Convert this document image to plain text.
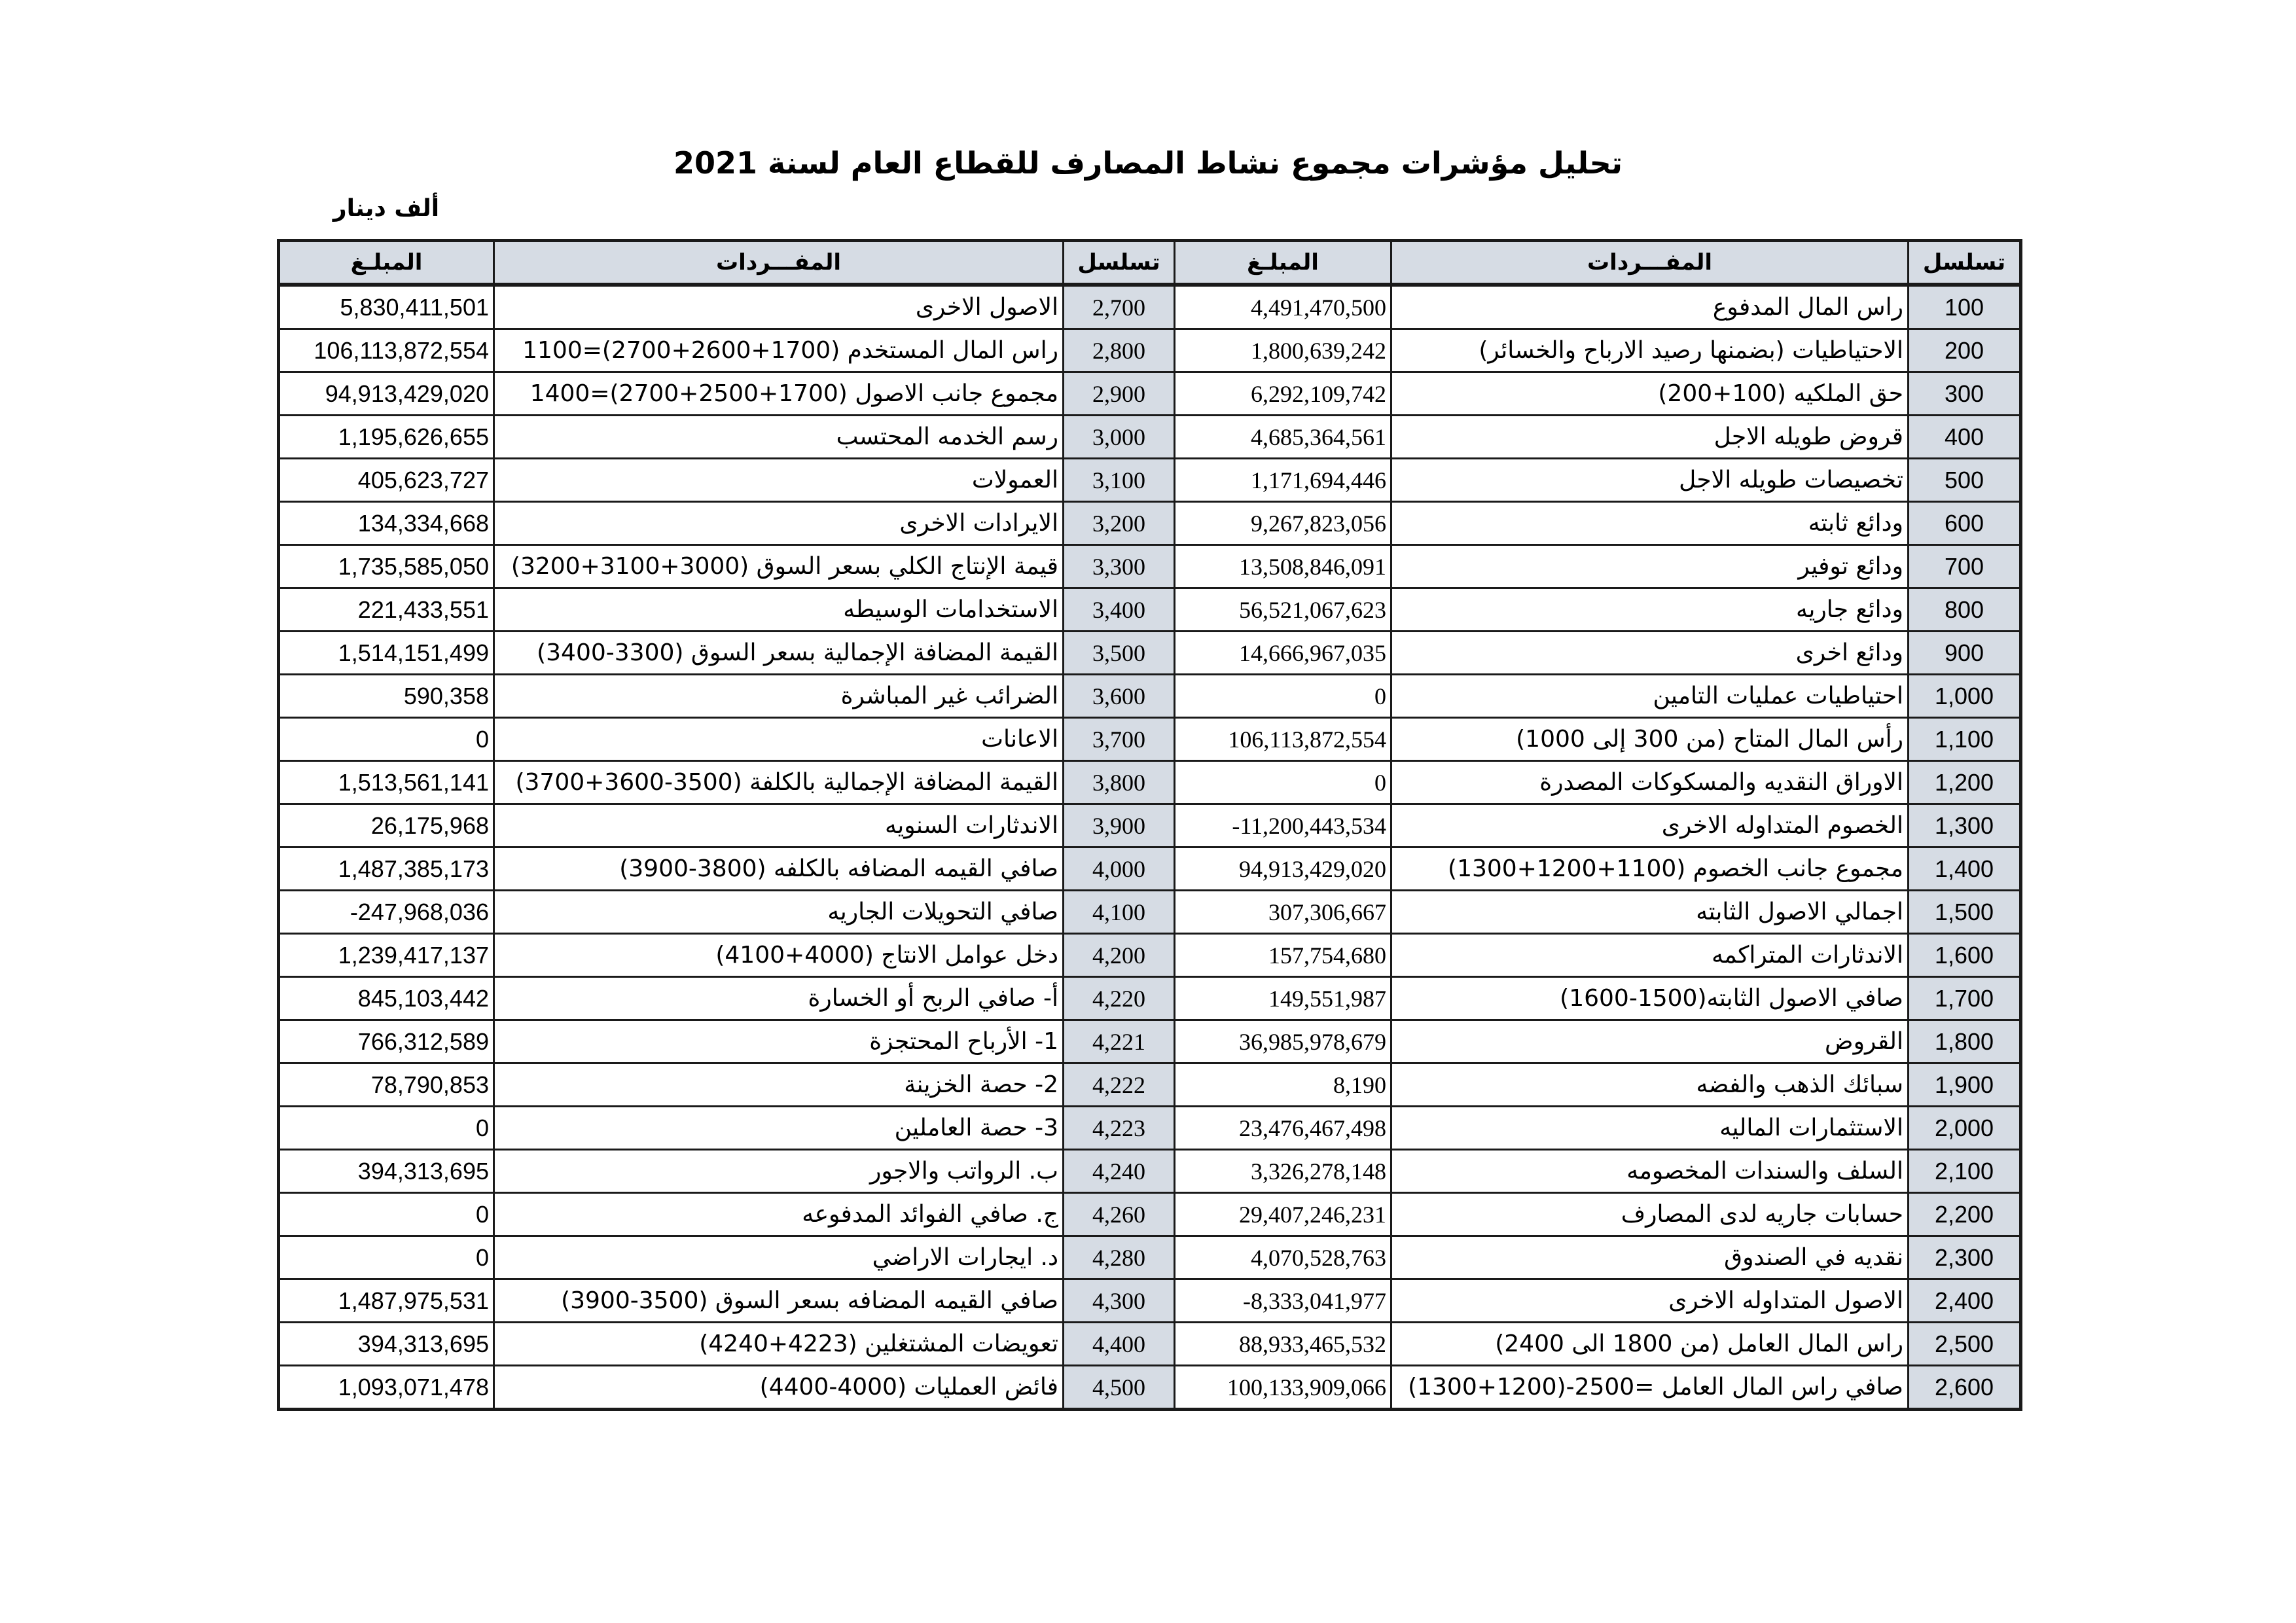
تحليل مؤشرات مجموع نشاط المصارف للقطاع العام لسنة 2021
ألف دينار
المبلـغ	المفـــردات	تسلسل	المبلـغ	المفـــردات	تسلسل
5,830,411,501	الاصول الاخرى	2,700	4,491,470,500	راس المال المدفوع	100
106,113,872,554	راس المال المستخدم (1700+2600+2700)=1100	2,800	1,800,639,242	الاحتياطيات (بضمنها رصيد الارباح والخسائر)	200
94,913,429,020	مجموع جانب الاصول (1700+2500+2700)=1400	2,900	6,292,109,742	حق الملكيه (100+200)	300
1,195,626,655	رسم الخدمه المحتسب	3,000	4,685,364,561	قروض طويله الاجل	400
405,623,727	العمولات	3,100	1,171,694,446	تخصيصات طويله الاجل	500
134,334,668	الايرادات الاخرى	3,200	9,267,823,056	ودائع ثابته	600
1,735,585,050	قيمة الإنتاج الكلي بسعر السوق (3000+3100+3200)	3,300	13,508,846,091	ودائع توفير	700
221,433,551	الاستخدامات الوسيطه	3,400	56,521,067,623	ودائع جاريه	800
1,514,151,499	القيمة المضافة الإجمالية بسعر السوق (3300-3400)	3,500	14,666,967,035	ودائع اخرى	900
590,358	الضرائب غير المباشرة	3,600	0	احتياطيات عمليات التامين	1,000
0	الاعانات	3,700	106,113,872,554	رأس المال المتاح (من 300 إلى 1000)	1,100
1,513,561,141	القيمة المضافة الإجمالية بالكلفة (3500-3600+3700)	3,800	0	الاوراق النقديه والمسكوكات المصدرة	1,200
26,175,968	الاندثارات السنويه	3,900	-11,200,443,534	الخصوم المتداوله الاخرى	1,300
1,487,385,173	صافي القيمه المضافه بالكلفه (3800-3900)	4,000	94,913,429,020	مجموع جانب الخصوم (1100+1200+1300)	1,400
-247,968,036	صافي التحويلات الجاريه	4,100	307,306,667	اجمالي الاصول الثابته	1,500
1,239,417,137	دخل عوامل الانتاج (4000+4100)	4,200	157,754,680	الاندثارات المتراكمه	1,600
845,103,442	أ- صافي الربح أو الخسارة	4,220	149,551,987	صافي الاصول الثابته(1500-1600)	1,700
766,312,589	1- الأرباح المحتجزة	4,221	36,985,978,679	القروض	1,800
78,790,853	2- حصة الخزينة	4,222	8,190	سبائك الذهب والفضه	1,900
0	3- حصة العاملين	4,223	23,476,467,498	الاستثمارات الماليه	2,000
394,313,695	ب. الرواتب والاجور	4,240	3,326,278,148	السلف والسندات المخصومه	2,100
0	ج. صافي الفوائد المدفوعه	4,260	29,407,246,231	حسابات جاريه لدى المصارف	2,200
0	د. ايجارات الاراضي	4,280	4,070,528,763	نقديه في الصندوق	2,300
1,487,975,531	صافي القيمه المضافه بسعر السوق (3500-3900)	4,300	-8,333,041,977	الاصول المتداوله الاخرى	2,400
394,313,695	تعويضات المشتغلين (4223+4240)	4,400	88,933,465,532	راس المال العامل (من 1800 الى 2400)	2,500
1,093,071,478	فائض العمليات (4000-4400)	4,500	100,133,909,066	صافي راس المال العامل =2500-(1200+1300)	2,600
